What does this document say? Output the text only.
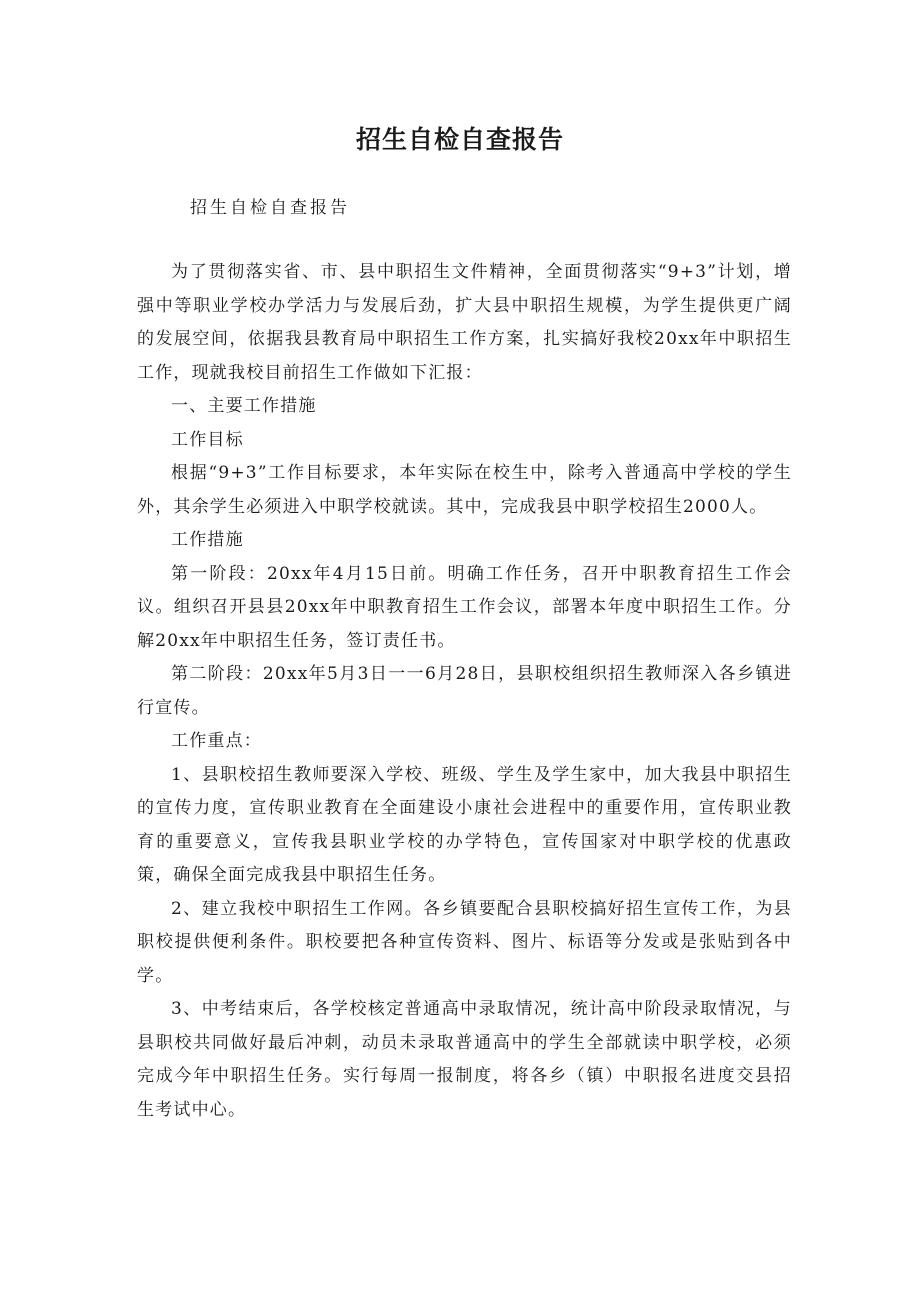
招生自检自查报告

招生自检自查报告

为了贯彻落实省、市、县中职招生文件精神，全面贯彻落实“9+3”计划，增强中等职业学校办学活力与发展后劲，扩大县中职招生规模，为学生提供更广阔的发展空间，依据我县教育局中职招生工作方案，扎实搞好我校20xx年中职招生工作，现就我校目前招生工作做如下汇报：

一、主要工作措施

工作目标

根据“9+3”工作目标要求，本年实际在校生中，除考入普通高中学校的学生外，其余学生必须进入中职学校就读。其中，完成我县中职学校招生2000人。

工作措施

第一阶段：20xx年4月15日前。明确工作任务，召开中职教育招生工作会议。组织召开县县20xx年中职教育招生工作会议，部署本年度中职招生工作。分解20xx年中职招生任务，签订责任书。

第二阶段：20xx年5月3日一一6月28日，县职校组织招生教师深入各乡镇进行宣传。

工作重点：

1、县职校招生教师要深入学校、班级、学生及学生家中，加大我县中职招生的宣传力度，宣传职业教育在全面建设小康社会进程中的重要作用，宣传职业教育的重要意义，宣传我县职业学校的办学特色，宣传国家对中职学校的优惠政策，确保全面完成我县中职招生任务。

2、建立我校中职招生工作网。各乡镇要配合县职校搞好招生宣传工作，为县职校提供便利条件。职校要把各种宣传资料、图片、标语等分发或是张贴到各中学。

3、中考结束后，各学校核定普通高中录取情况，统计高中阶段录取情况，与县职校共同做好最后冲刺，动员未录取普通高中的学生全部就读中职学校，必须完成今年中职招生任务。实行每周一报制度，将各乡（镇）中职报名进度交县招生考试中心。
